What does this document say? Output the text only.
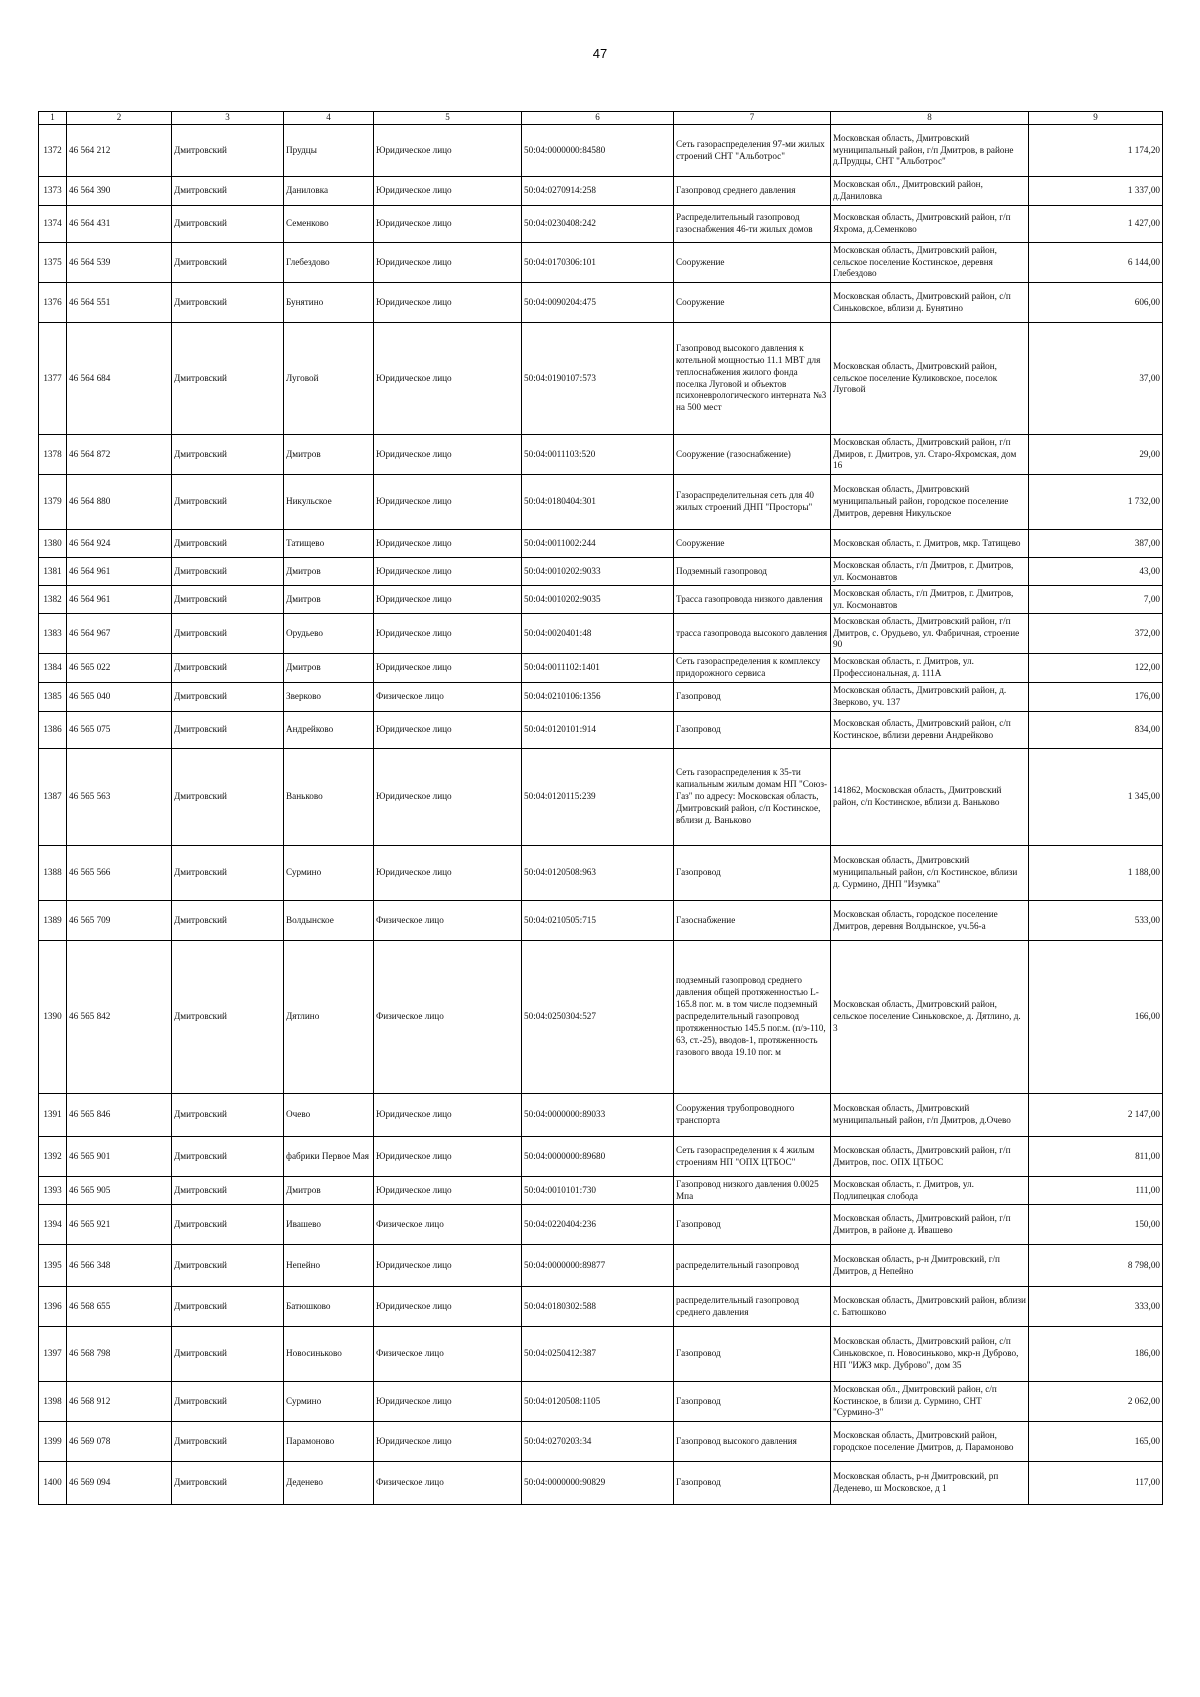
47
1	2	3	4	5	6	7	8	9
1372	46 564 212	Дмитровский	Прудцы	Юридическое лицо	50:04:0000000:84580	Сеть газораспределения 97-ми жилых строений СНТ "Альботрос"	Московская область, Дмитровский муниципальный район, г/п Дмитров, в районе д.Прудцы, СНТ "Альботрос"	1 174,20
1373	46 564 390	Дмитровский	Даниловка	Юридическое лицо	50:04:0270914:258	Газопровод среднего давления	Московская обл., Дмитровский район, д.Даниловка	1 337,00
1374	46 564 431	Дмитровский	Семенково	Юридическое лицо	50:04:0230408:242	Распределительный газопровод газоснабжения 46-ти жилых домов	Московская область, Дмитровский район, г/п Яхрома, д.Семенково	1 427,00
1375	46 564 539	Дмитровский	Глебездово	Юридическое лицо	50:04:0170306:101	Сооружение	Московская область, Дмитровский район, сельское поселение Костинское, деревня Глебездово	6 144,00
1376	46 564 551	Дмитровский	Бунятино	Юридическое лицо	50:04:0090204:475	Сооружение	Московская область, Дмитровский район, с/п Синьковское, вблизи д. Бунятино	606,00
1377	46 564 684	Дмитровский	Луговой	Юридическое лицо	50:04:0190107:573	Газопровод высокого давления к котельной мощностью 11.1 МВТ для теплоснабжения жилого фонда поселка Луговой и объектов психоневрологического интерната №3 на 500 мест	Московская область, Дмитровский район, сельское поселение Куликовское, поселок Луговой	37,00
1378	46 564 872	Дмитровский	Дмитров	Юридическое лицо	50:04:0011103:520	Сооружение (газоснабжение)	Московская область, Дмитровский район, г/п Дмиров, г. Дмитров, ул. Старо-Яхромская, дом 16	29,00
1379	46 564 880	Дмитровский	Никульское	Юридическое лицо	50:04:0180404:301	Газораспределительная сеть для 40 жилых строений ДНП "Просторы"	Московская область, Дмитровский муниципальный район, городское поселение Дмитров, деревня Никульское	1 732,00
1380	46 564 924	Дмитровский	Татищево	Юридическое лицо	50:04:0011002:244	Сооружение	Московская область, г. Дмитров, мкр. Татищево	387,00
1381	46 564 961	Дмитровский	Дмитров	Юридическое лицо	50:04:0010202:9033	Подземный газопровод	Московская область, г/п Дмитров, г. Дмитров, ул. Космонавтов	43,00
1382	46 564 961	Дмитровский	Дмитров	Юридическое лицо	50:04:0010202:9035	Трасса газопровода низкого давления	Московская область, г/п Дмитров, г. Дмитров, ул. Космонавтов	7,00
1383	46 564 967	Дмитровский	Орудьево	Юридическое лицо	50:04:0020401:48	трасса газопровода высокого давления	Московская область, Дмитровский район, г/п Дмитров, с. Орудьево, ул. Фабричная, строение 90	372,00
1384	46 565 022	Дмитровский	Дмитров	Юридическое лицо	50:04:0011102:1401	Сеть газораспределения к комплексу придорожного сервиса	Московская область, г. Дмитров, ул. Профессиональная, д. 111А	122,00
1385	46 565 040	Дмитровский	Зверково	Физическое лицо	50:04:0210106:1356	Газопровод	Московская область, Дмитровский район, д. Зверково, уч. 137	176,00
1386	46 565 075	Дмитровский	Андрейково	Юридическое лицо	50:04:0120101:914	Газопровод	Московская область, Дмитровский район, с/п Костинское, вблизи деревни Андрейково	834,00
1387	46 565 563	Дмитровский	Ваньково	Юридическое лицо	50:04:0120115:239	Сеть газораспределения к 35-ти капиальным жилым домам НП "Союз-Газ" по адресу: Московская область, Дмитровский район, с/п Костинское, вблизи д. Ваньково	141862, Московская область, Дмитровский район, с/п Костинское, вблизи д. Ваньково	1 345,00
1388	46 565 566	Дмитровский	Сурмино	Юридическое лицо	50:04:0120508:963	Газопровод	Московская область, Дмитровский муниципальный район, с/п Костинское, вблизи д. Сурмино, ДНП "Изумка"	1 188,00
1389	46 565 709	Дмитровский	Волдынское	Физическое лицо	50:04:0210505:715	Газоснабжение	Московская область, городское поселение Дмитров, деревня Волдынское, уч.56-а	533,00
1390	46 565 842	Дмитровский	Дятлино	Физическое лицо	50:04:0250304:527	подземный газопровод среднего давления общей протяженностью L-165.8 пог. м. в том числе подземный распределительный газопровод протяженностью 145.5 пог.м. (п/э-110, 63, ст.-25), вводов-1, протяженность газового ввода 19.10 пог. м	Московская область, Дмитровский район, сельское поселение Синьковское, д. Дятлино, д. 3	166,00
1391	46 565 846	Дмитровский	Очево	Юридическое лицо	50:04:0000000:89033	Сооружения трубопроводного транспорта	Московская область, Дмитровский муниципальный район, г/п Дмитров, д.Очево	2 147,00
1392	46 565 901	Дмитровский	фабрики Первое Мая	Юридическое лицо	50:04:0000000:89680	Сеть газораспределения к 4 жилым строениям НП "ОПХ ЦТБОС"	Московская область, Дмитровский район, г/п Дмитров, пос. ОПХ ЦТБОС	811,00
1393	46 565 905	Дмитровский	Дмитров	Юридическое лицо	50:04:0010101:730	Газопровод низкого давления 0.0025 Мпа	Московская область, г. Дмитров, ул. Подлипецкая слобода	111,00
1394	46 565 921	Дмитровский	Ивашево	Физическое лицо	50:04:0220404:236	Газопровод	Московская область, Дмитровский район, г/п Дмитров, в районе д. Ивашево	150,00
1395	46 566 348	Дмитровский	Непейно	Юридическое лицо	50:04:0000000:89877	распределительный газопровод	Московская область, р-н Дмитровский, г/п Дмитров, д Непейно	8 798,00
1396	46 568 655	Дмитровский	Батюшково	Юридическое лицо	50:04:0180302:588	распределительный газопровод среднего давления	Московская область, Дмитровский район, вблизи с. Батюшково	333,00
1397	46 568 798	Дмитровский	Новосиньково	Физическое лицо	50:04:0250412:387	Газопровод	Московская область, Дмитровский район, с/п Синьковское, п. Новосиньково, мкр-н Дуброво, НП "ИЖЗ мкр. Дуброво", дом 35	186,00
1398	46 568 912	Дмитровский	Сурмино	Юридическое лицо	50:04:0120508:1105	Газопровод	Московская обл., Дмитровский район, с/п Костинское, в близи д. Сурмино, СНТ "Сурмино-3"	2 062,00
1399	46 569 078	Дмитровский	Парамоново	Юридическое лицо	50:04:0270203:34	Газопровод высокого давления	Московская область, Дмитровский район, городское поселение Дмитров, д. Парамоново	165,00
1400	46 569 094	Дмитровский	Деденево	Физическое лицо	50:04:0000000:90829	Газопровод	Московская область, р-н Дмитровский, рп Деденево, ш Московское, д 1	117,00
